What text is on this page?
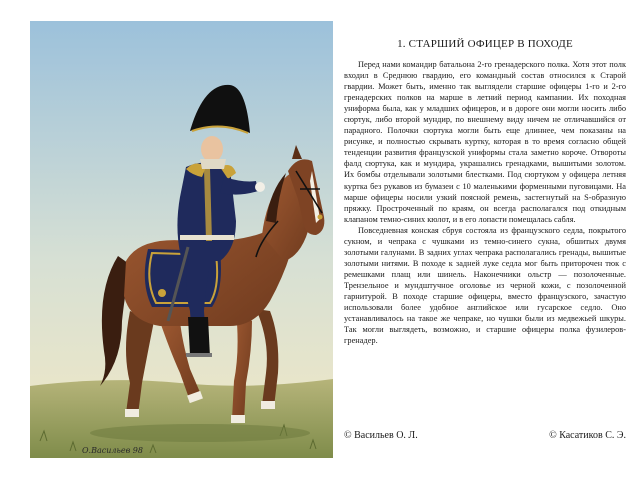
О.Васильев 98
1. СТАРШИЙ ОФИЦЕР В ПОХОДЕ

Перед нами командир батальона 2-го гренадерского полка. Хотя этот полк входил в Среднюю гвардию, его командный состав относился к Старой гвардии. Может быть, именно так выглядели старшие офицеры 1-го и 2-го гренадерских полков на марше в летний период кампании. Их походная униформа была, как у младших офицеров, и в дороге они могли носить либо сюртук, либо второй мундир, по внешнему виду ничем не отличавшийся от парадного. Полочки сюртука могли быть еще длиннее, чем показаны на рисунке, и полностью скрывать куртку, которая в то время согласно общей тенденции развития французской униформы стала заметно короче. Отвороты фалд сюртука, как и мундира, украшались гренадками, вышитыми золотом. Их бомбы отделывали золотыми блестками. Под сюртуком у офицера летняя куртка без рукавов из бумазеи с 10 маленькими форменными пуговицами. На марше офицеры носили узкий поясной ремень, застегнутый на S-образную пряжку. Простроченный по краям, он всегда располагался под откидным клапаном темно-синих кюлот, и в его лопасти помещалась сабля.

Повседневная конская сбруя состояла из французского седла, покрытого сукном, и чепрака с чушками из темно-синего сукна, обшитых двумя золотыми галунами. В задних углах чепрака располагались гренады, вышитые золотыми нитями. В походе к задней луке седла мог быть приторочен тюк с ремешками плащ или шинель. Наконечники ольстр — позолоченные. Трензельное и мундштучное оголовье из черной кожи, с позолоченной гарнитурой. В походе старшие офицеры, вместо французского, зачастую использовали более удобное английское или гусарское седло. Оно устанавливалось на такое же чепраке, но чушки были из медвежьей шкуры. Так могли выглядеть, возможно, и старшие офицеры полка фузилеров-гренадер.

© Васильев О. Л.	© Касатиков С. Э.
